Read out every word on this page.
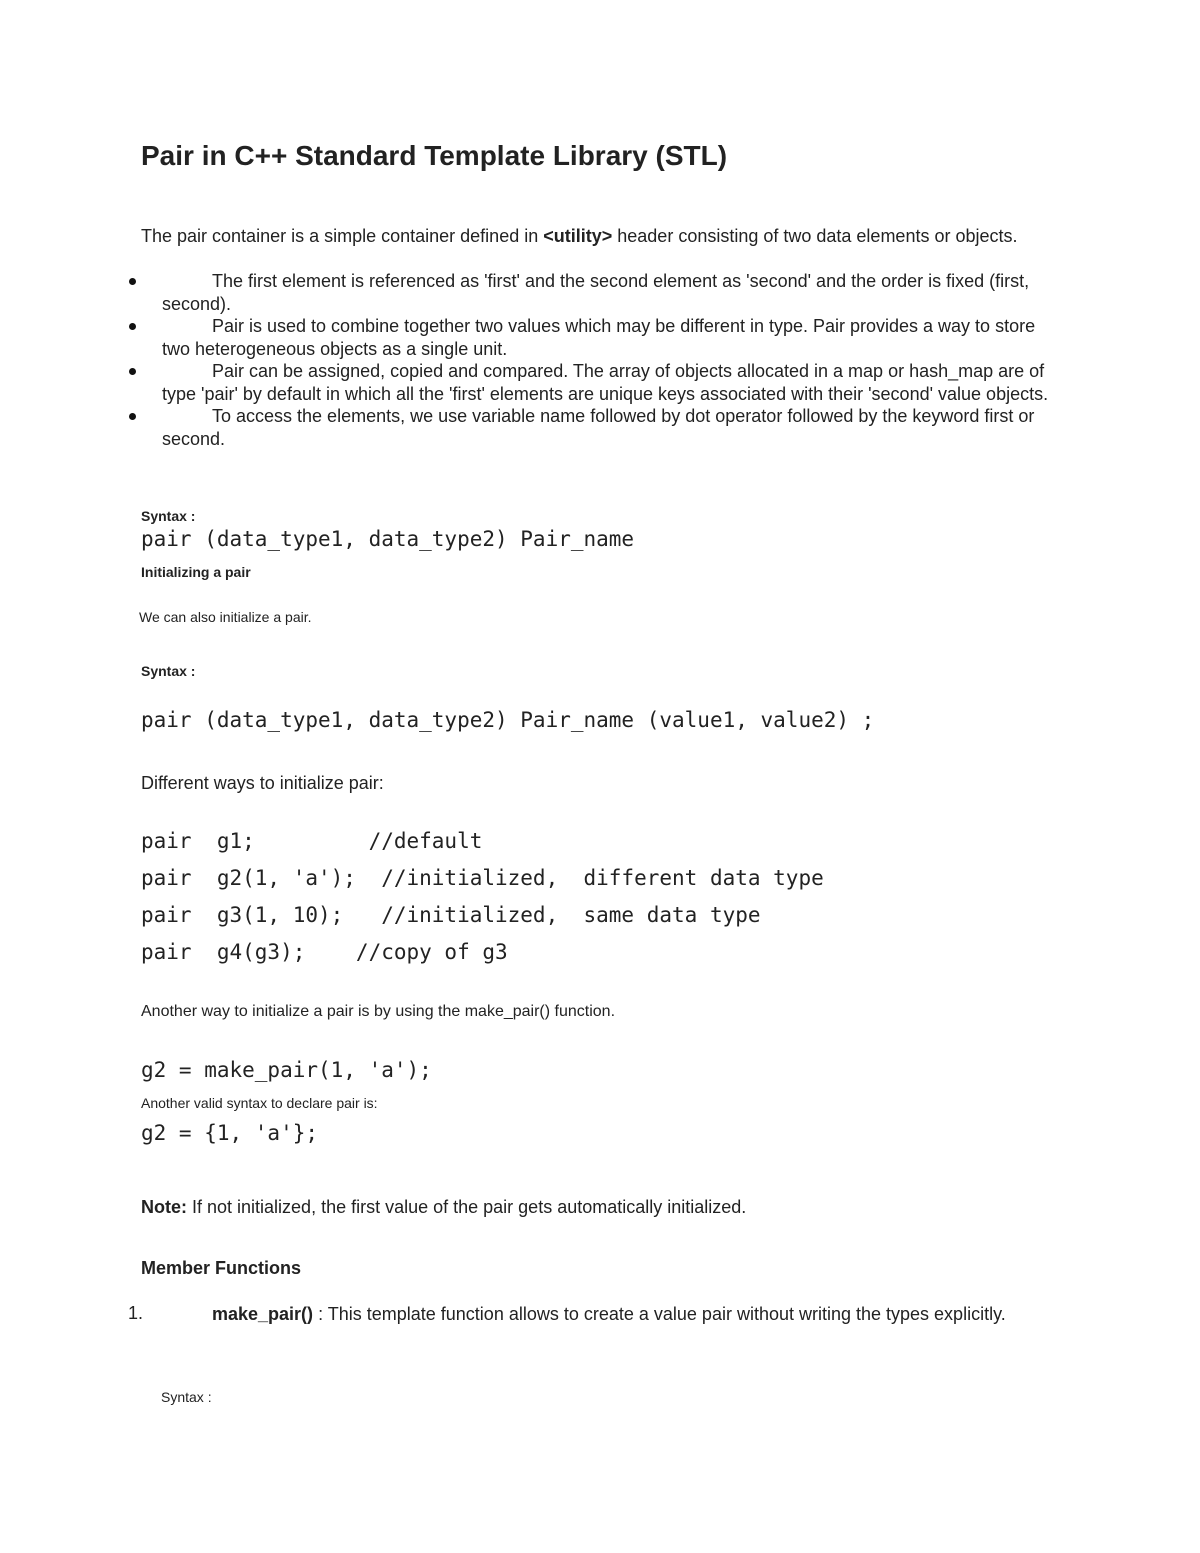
Pair in C++ Standard Template Library (STL)
The pair container is a simple container defined in <utility> header consisting of two data elements or objects.
The first element is referenced as 'first' and the second element as 'second' and the order is fixed (first, second).
Pair is used to combine together two values which may be different in type. Pair provides a way to store two heterogeneous objects as a single unit.
Pair can be assigned, copied and compared. The array of objects allocated in a map or hash_map are of type 'pair' by default in which all the 'first' elements are unique keys associated with their 'second' value objects.
To access the elements, we use variable name followed by dot operator followed by the keyword first or second.
Syntax :
pair (data_type1, data_type2) Pair_name
Initializing a pair
We can also initialize a pair.
Syntax :
pair (data_type1, data_type2) Pair_name (value1, value2) ;
Different ways to initialize pair:
pair  g1;         //default
pair  g2(1, 'a');  //initialized,  different data type
pair  g3(1, 10);   //initialized,  same data type
pair  g4(g3);    //copy of g3
Another way to initialize a pair is by using the make_pair() function.
g2 = make_pair(1, 'a');
Another valid syntax to declare pair is:
g2 = {1, 'a'};
Note: If not initialized, the first value of the pair gets automatically initialized.
Member Functions
1.	make_pair() : This template function allows to create a value pair without writing the types explicitly.
Syntax :
